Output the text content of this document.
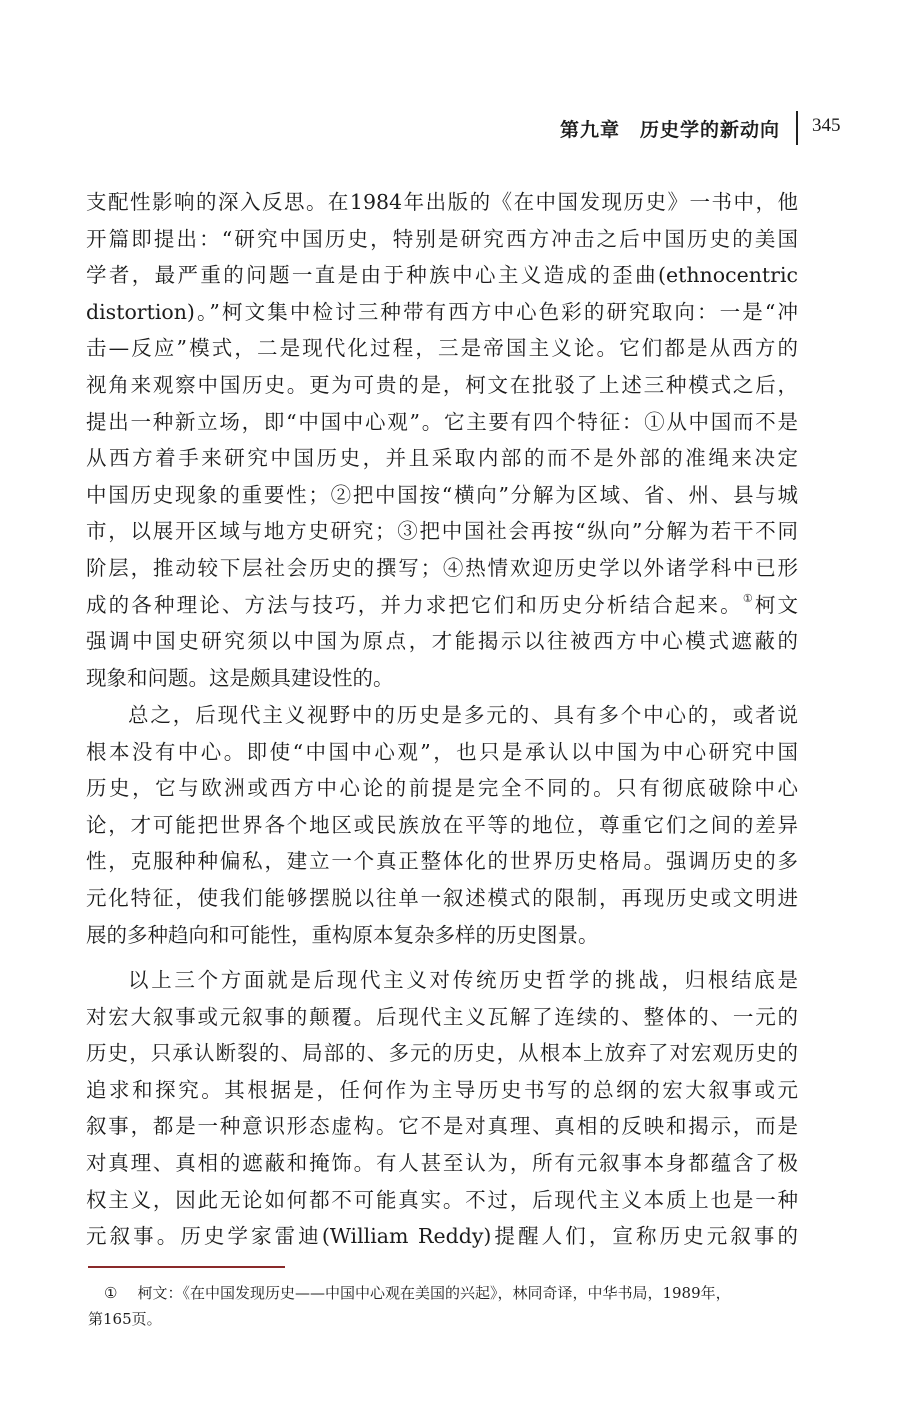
第九章　历史学的新动向 345
支配性影响的深入反思。在1984年出版的《在中国发现历史》一书中，他
开篇即提出：“研究中国历史，特别是研究西方冲击之后中国历史的美国
学者，最严重的问题一直是由于种族中心主义造成的歪曲(ethnocentric
distortion)。”柯文集中检讨三种带有西方中心色彩的研究取向：一是“冲
击—反应”模式，二是现代化过程，三是帝国主义论。它们都是从西方的
视角来观察中国历史。更为可贵的是，柯文在批驳了上述三种模式之后，
提出一种新立场，即“中国中心观”。它主要有四个特征：①从中国而不是
从西方着手来研究中国历史，并且采取内部的而不是外部的准绳来决定
中国历史现象的重要性；②把中国按“横向”分解为区域、省、州、县与城
市，以展开区域与地方史研究；③把中国社会再按“纵向”分解为若干不同
阶层，推动较下层社会历史的撰写；④热情欢迎历史学以外诸学科中已形
成的各种理论、方法与技巧，并力求把它们和历史分析结合起来。①柯文
强调中国史研究须以中国为原点，才能揭示以往被西方中心模式遮蔽的
现象和问题。这是颇具建设性的。
总之，后现代主义视野中的历史是多元的、具有多个中心的，或者说
根本没有中心。即使“中国中心观”，也只是承认以中国为中心研究中国
历史，它与欧洲或西方中心论的前提是完全不同的。只有彻底破除中心
论，才可能把世界各个地区或民族放在平等的地位，尊重它们之间的差异
性，克服种种偏私，建立一个真正整体化的世界历史格局。强调历史的多
元化特征，使我们能够摆脱以往单一叙述模式的限制，再现历史或文明进
展的多种趋向和可能性，重构原本复杂多样的历史图景。
以上三个方面就是后现代主义对传统历史哲学的挑战，归根结底是
对宏大叙事或元叙事的颠覆。后现代主义瓦解了连续的、整体的、一元的
历史，只承认断裂的、局部的、多元的历史，从根本上放弃了对宏观历史的
追求和探究。其根据是，任何作为主导历史书写的总纲的宏大叙事或元
叙事，都是一种意识形态虚构。它不是对真理、真相的反映和揭示，而是
对真理、真相的遮蔽和掩饰。有人甚至认为，所有元叙事本身都蕴含了极
权主义，因此无论如何都不可能真实。不过，后现代主义本质上也是一种
元叙事。历史学家雷迪(William Reddy)提醒人们，宣称历史元叙事的
① 柯文：《在中国发现历史——中国中心观在美国的兴起》，林同奇译，中华书局，1989年，
第165页。
